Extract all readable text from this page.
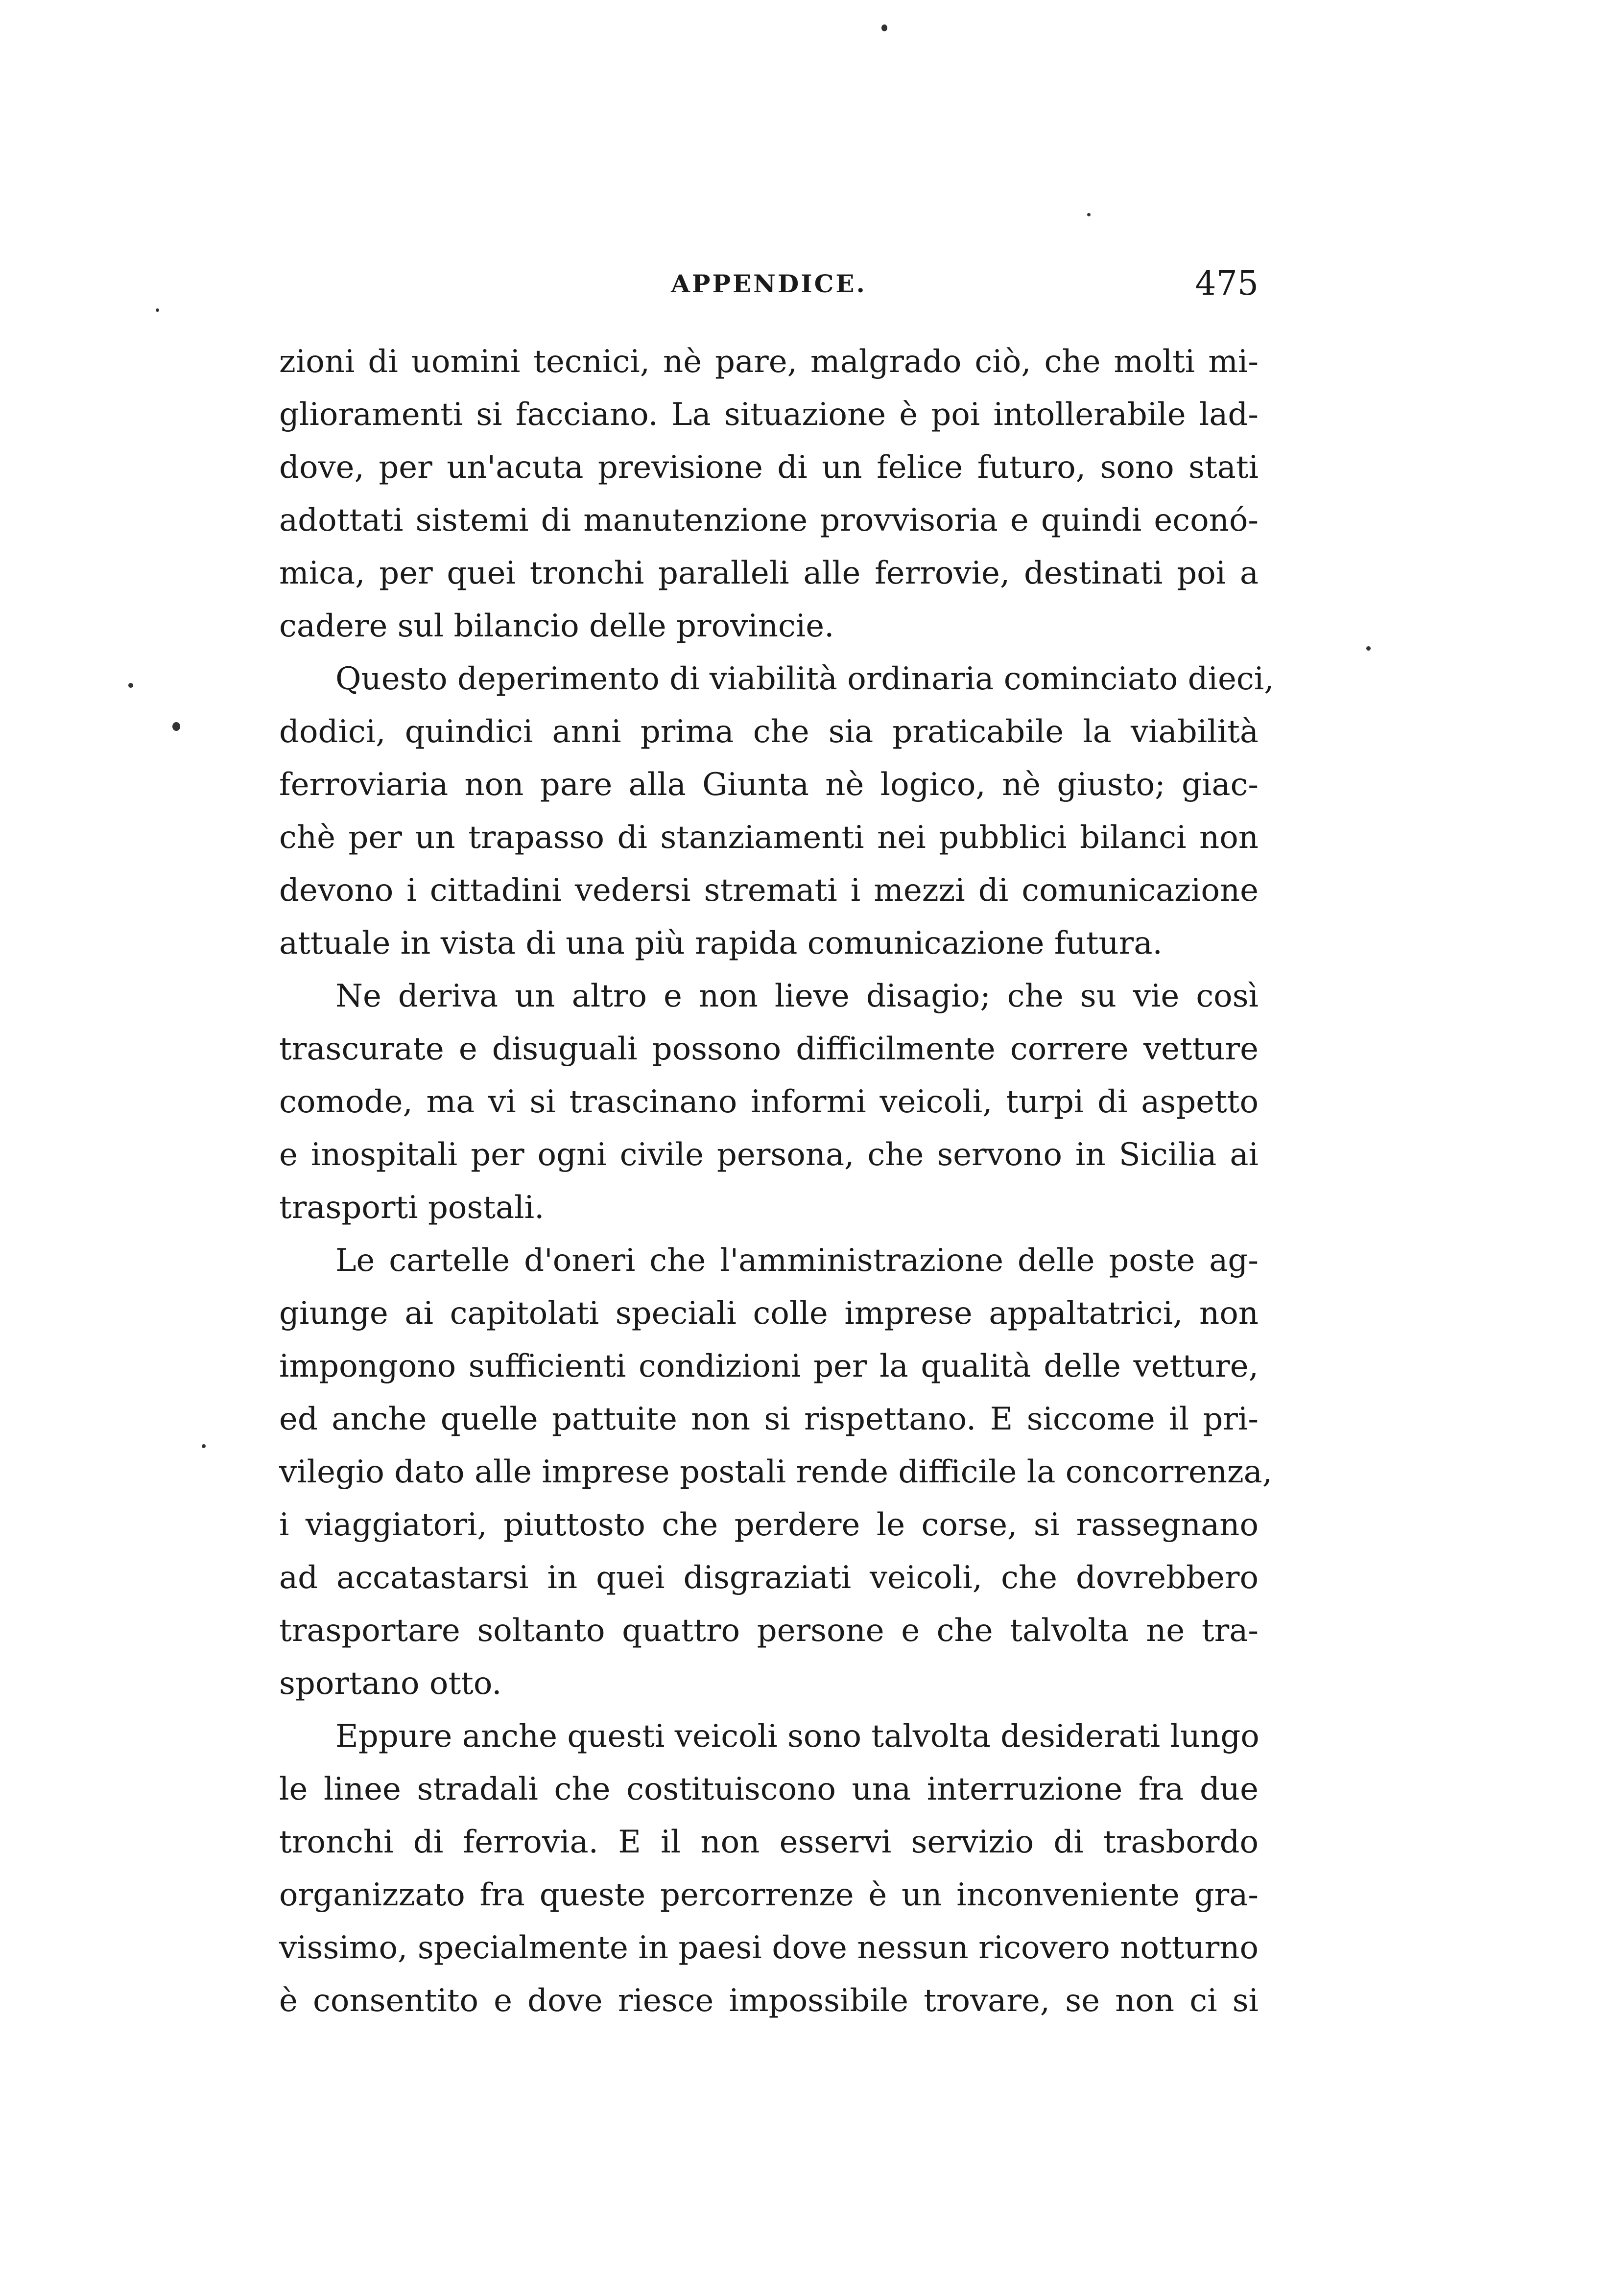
APPENDICE.	475
zioni di uomini tecnici, nè pare, malgrado ciò, che molti mi-
glioramenti si facciano. La situazione è poi intollerabile lad-
dove, per un'acuta previsione di un felice futuro, sono stati
adottati sistemi di manutenzione provvisoria e quindi econó-
mica, per quei tronchi paralleli alle ferrovie, destinati poi a
cadere sul bilancio delle provincie.
Questo deperimento di viabilità ordinaria cominciato dieci,
dodici, quindici anni prima che sia praticabile la viabilità
ferroviaria non pare alla Giunta nè logico, nè giusto; giac-
chè per un trapasso di stanziamenti nei pubblici bilanci non
devono i cittadini vedersi stremati i mezzi di comunicazione
attuale in vista di una più rapida comunicazione futura.
Ne deriva un altro e non lieve disagio; che su vie così
trascurate e disuguali possono difficilmente correre vetture
comode, ma vi si trascinano informi veicoli, turpi di aspetto
e inospitali per ogni civile persona, che servono in Sicilia ai
trasporti postali.
Le cartelle d'oneri che l'amministrazione delle poste ag-
giunge ai capitolati speciali colle imprese appaltatrici, non
impongono sufficienti condizioni per la qualità delle vetture,
ed anche quelle pattuite non si rispettano. E siccome il pri-
vilegio dato alle imprese postali rende difficile la concorrenza,
i viaggiatori, piuttosto che perdere le corse, si rassegnano
ad accatastarsi in quei disgraziati veicoli, che dovrebbero
trasportare soltanto quattro persone e che talvolta ne tra-
sportano otto.
Eppure anche questi veicoli sono talvolta desiderati lungo
le linee stradali che costituiscono una interruzione fra due
tronchi di ferrovia. E il non esservi servizio di trasbordo
organizzato fra queste percorrenze è un inconveniente gra-
vissimo, specialmente in paesi dove nessun ricovero notturno
è consentito e dove riesce impossibile trovare, se non ci si
